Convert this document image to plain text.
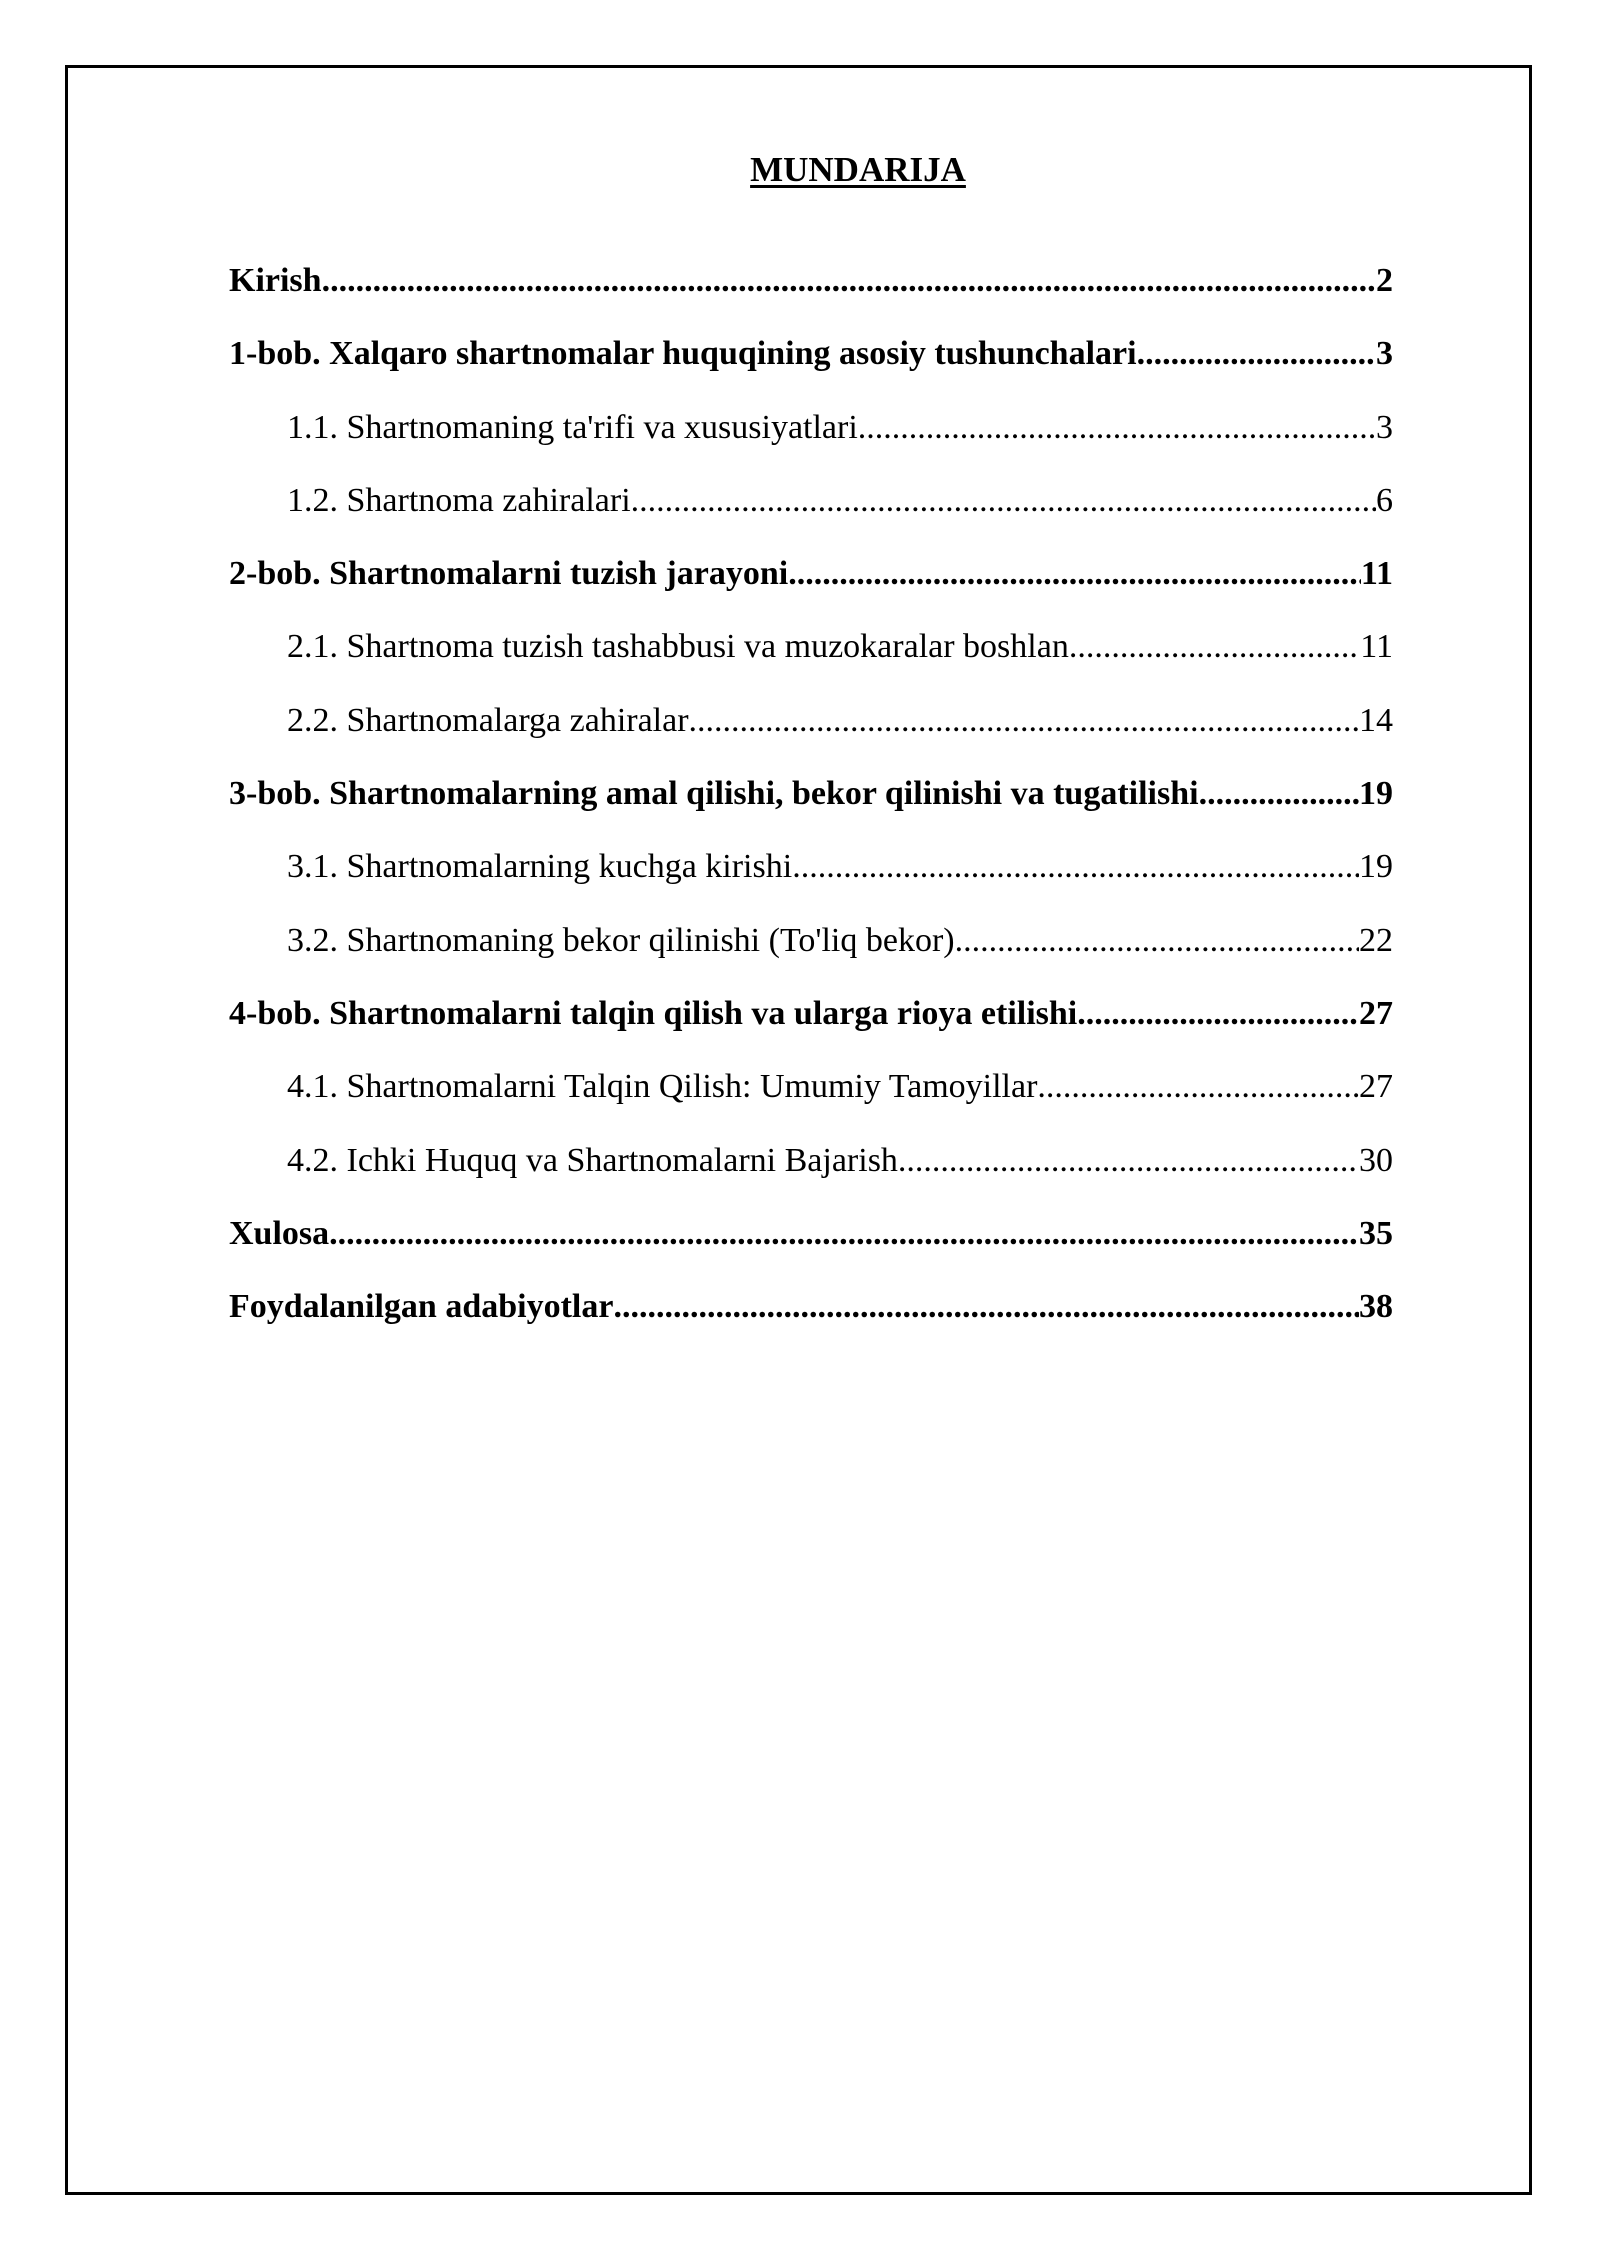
MUNDARIJA
Kirish .....	2
1-bob. Xalqaro shartnomalar huquqining asosiy tushunchalari .....	3
1.1. Shartnomaning ta'rifi va xususiyatlari .....	3
1.2. Shartnoma zahiralari .....	6
2-bob. Shartnomalarni tuzish jarayoni .....	11
2.1. Shartnoma tuzish tashabbusi va muzokaralar boshlan .....	11
2.2. Shartnomalarga zahiralar .....	14
3-bob. Shartnomalarning amal qilishi, bekor qilinishi va tugatilishi .....	19
3.1. Shartnomalarning kuchga kirishi .....	19
3.2. Shartnomaning bekor qilinishi (To'liq bekor) .....	22
4-bob. Shartnomalarni talqin qilish va ularga rioya etilishi .....	27
4.1. Shartnomalarni Talqin Qilish: Umumiy Tamoyillar .....	27
4.2. Ichki Huquq va Shartnomalarni Bajarish .....	30
Xulosa .....	35
Foydalanilgan adabiyotlar .....	38
